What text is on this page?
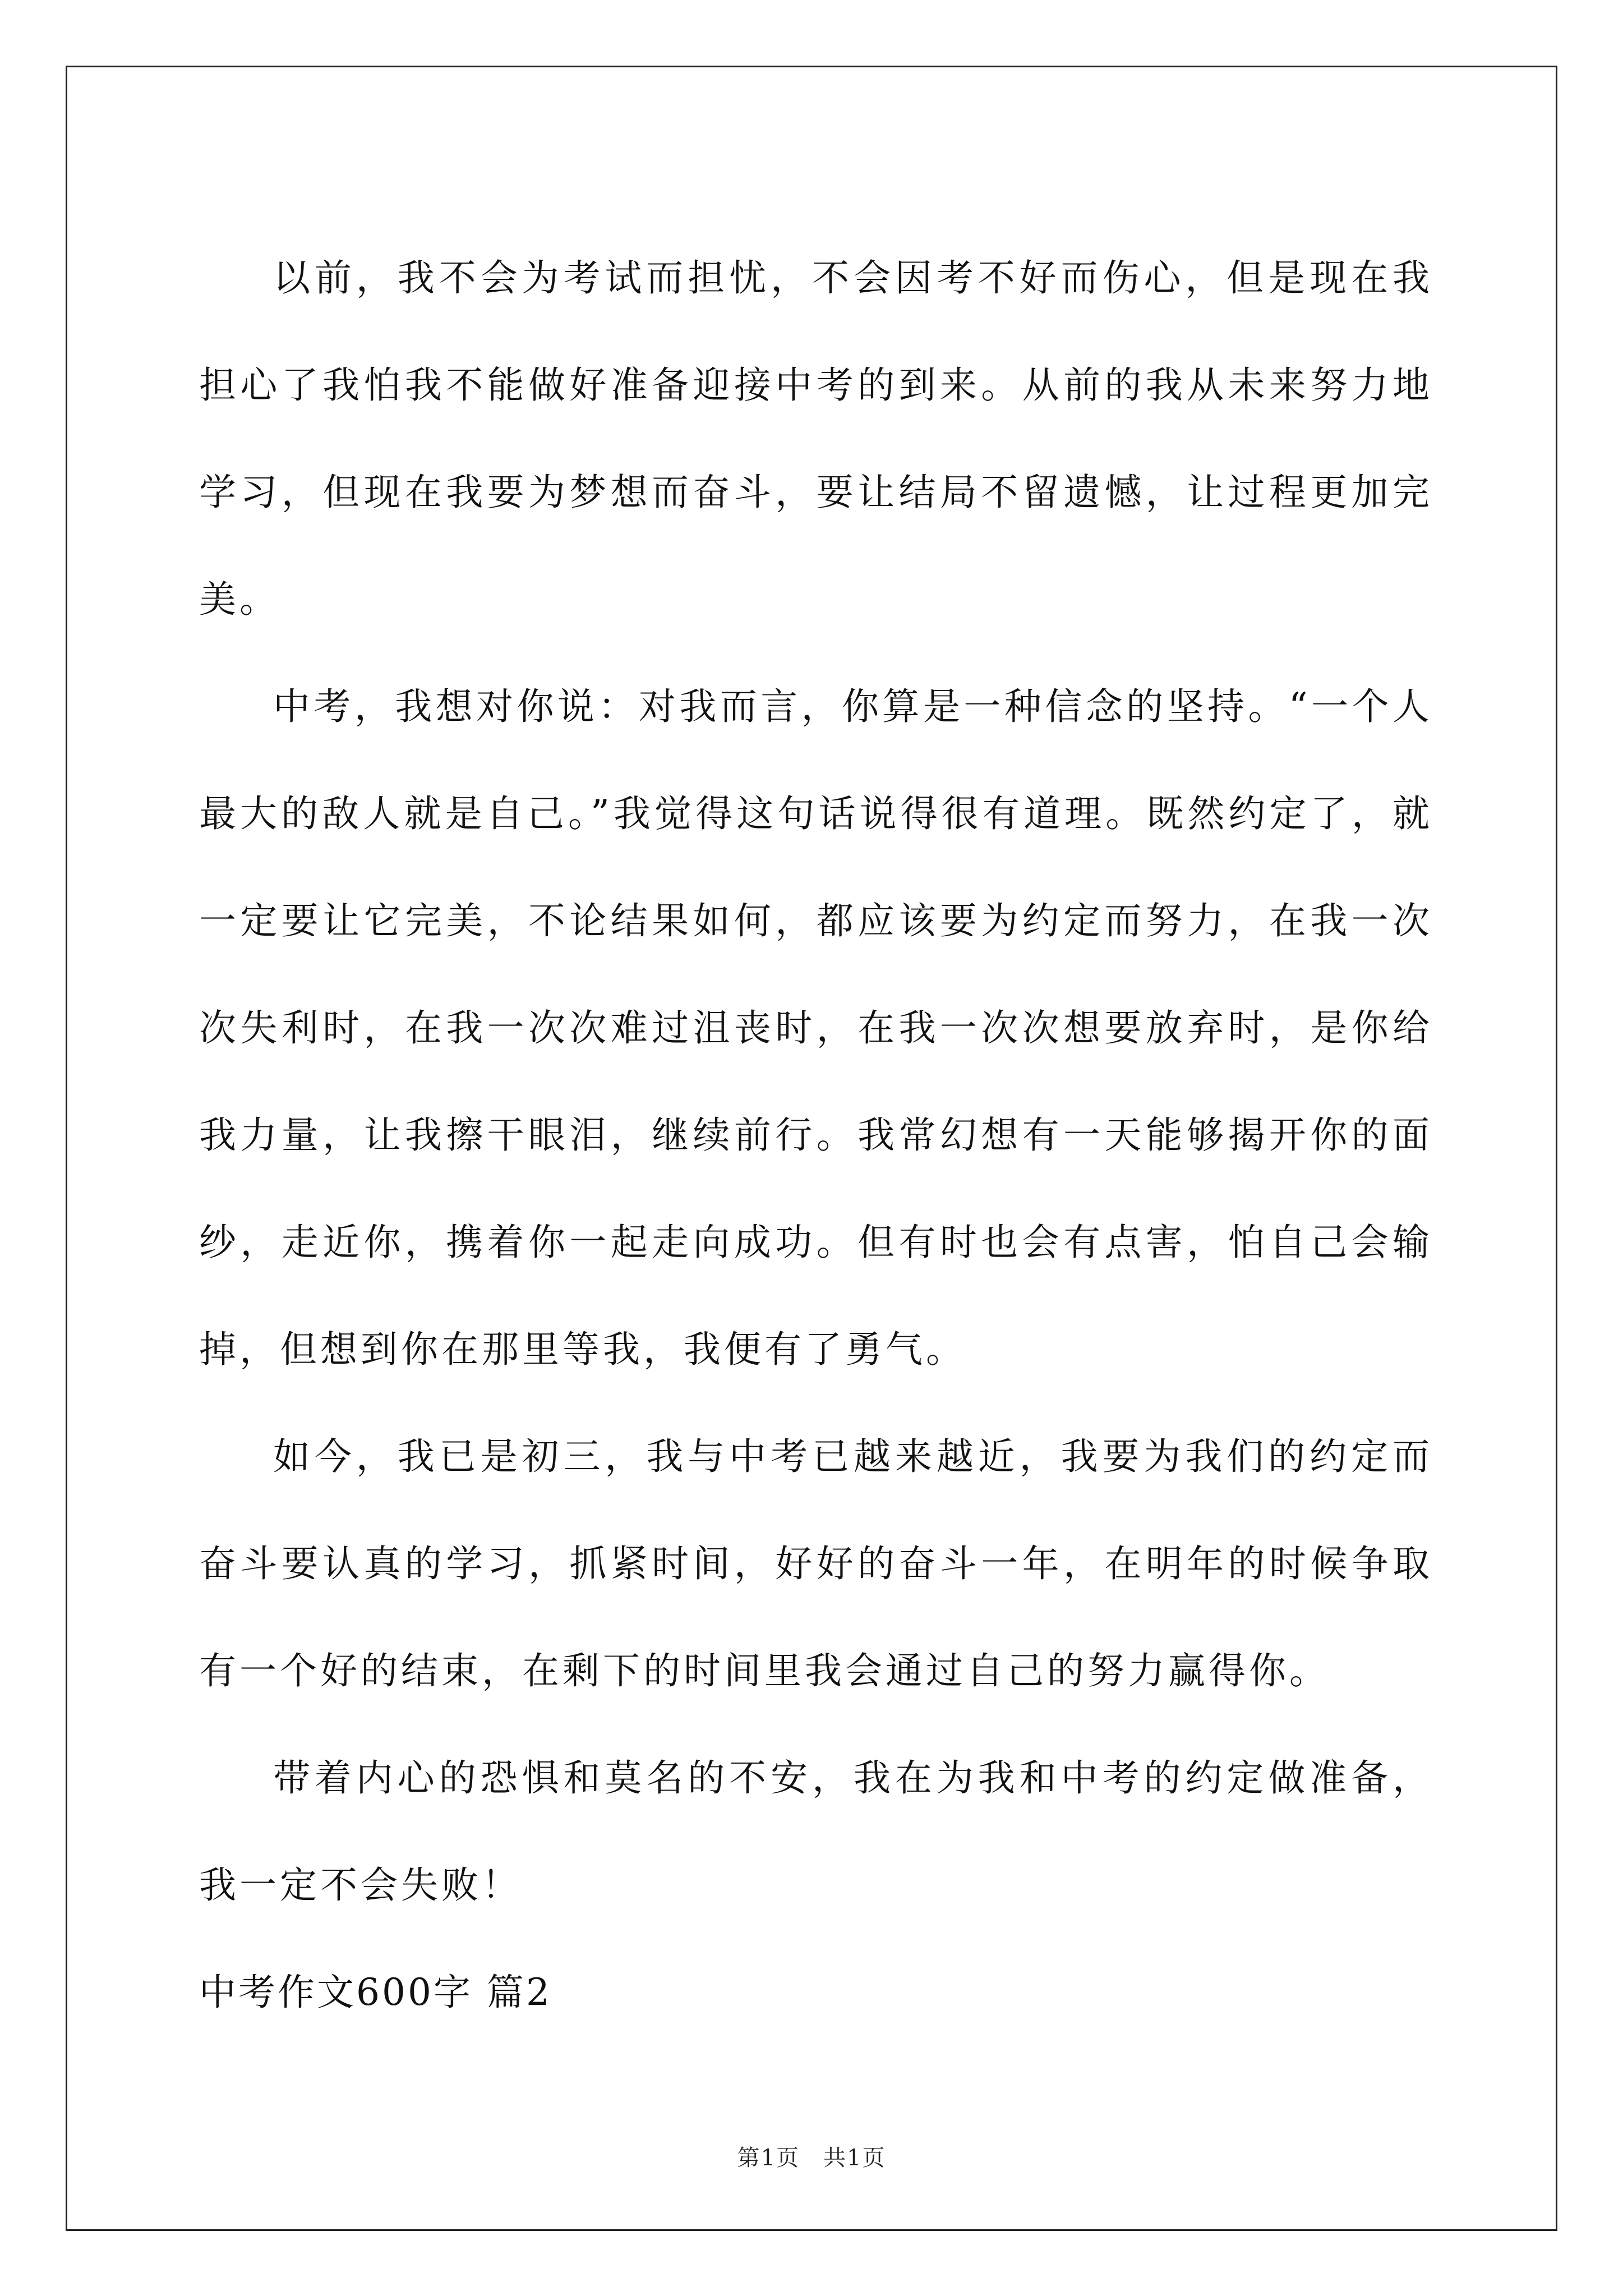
以前，我不会为考试而担忧，不会因考不好而伤心，但是现在我担心了我怕我不能做好准备迎接中考的到来。从前的我从未来努力地学习，但现在我要为梦想而奋斗，要让结局不留遗憾，让过程更加完美。

中考，我想对你说：对我而言，你算是一种信念的坚持。“一个人最大的敌人就是自己。”我觉得这句话说得很有道理。既然约定了，就一定要让它完美，不论结果如何，都应该要为约定而努力，在我一次次失利时，在我一次次难过沮丧时，在我一次次想要放弃时，是你给我力量，让我擦干眼泪，继续前行。我常幻想有一天能够揭开你的面纱，走近你，携着你一起走向成功。但有时也会有点害，怕自己会输掉，但想到你在那里等我，我便有了勇气。

如今，我已是初三，我与中考已越来越近，我要为我们的约定而奋斗要认真的学习，抓紧时间，好好的奋斗一年，在明年的时候争取有一个好的结束，在剩下的时间里我会通过自己的努力赢得你。

带着内心的恐惧和莫名的不安，我在为我和中考的约定做准备，我一定不会失败！

中考作文600字 篇2

第1页　共1页
